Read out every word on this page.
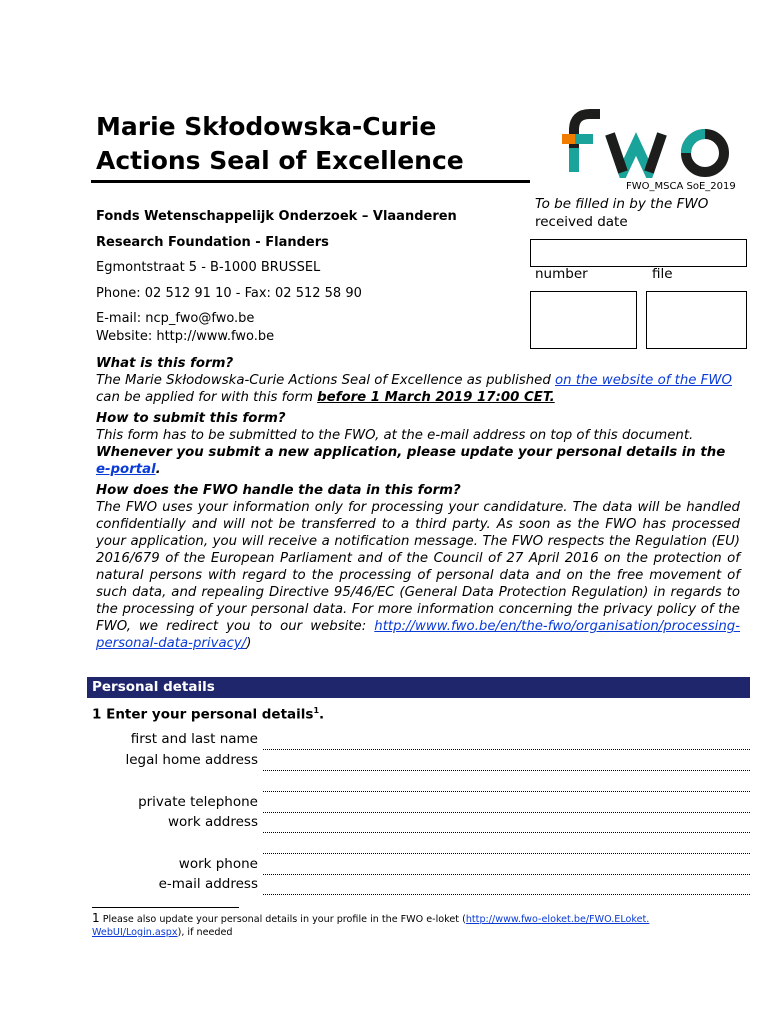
Marie Skłodowska-Curie
Actions Seal of Excellence
FWO_MSCA SoE_2019
Fonds Wetenschappelijk Onderzoek – Vlaanderen
Research Foundation - Flanders
Egmontstraat 5 - B-1000 BRUSSEL
Phone: 02 512 91 10 - Fax: 02 512 58 90
E-mail: ncp_fwo@fwo.be
Website: http://www.fwo.be
To be filled in by the FWO
received date
number	file
What is this form?
The Marie Skłodowska-Curie Actions Seal of Excellence as published on the website of the FWO can be applied for with this form before 1 March 2019 17:00 CET.
How to submit this form?
This form has to be submitted to the FWO, at the e-mail address on top of this document.
Whenever you submit a new application, please update your personal details in the e-portal.
How does the FWO handle the data in this form?
The FWO uses your information only for processing your candidature. The data will be handled confidentially and will not be transferred to a third party. As soon as the FWO has processed your application, you will receive a notification message. The FWO respects the Regulation (EU) 2016/679 of the European Parliament and of the Council of 27 April 2016 on the protection of natural persons with regard to the processing of personal data and on the free movement of such data, and repealing Directive 95/46/EC (General Data Protection Regulation) in regards to the processing of your personal data. For more information concerning the privacy policy of the FWO, we redirect you to our website: http://www.fwo.be/en/the-fwo/organisation/processing-personal-data-privacy/)
Personal details
1 Enter your personal details$^1$.
first and last name
legal home address
private telephone
work address
work phone
e-mail address
1 Please also update your personal details in your profile in the FWO e-loket (http://www.fwo-eloket.be/FWO.ELoket.WebUI/Login.aspx), if needed
